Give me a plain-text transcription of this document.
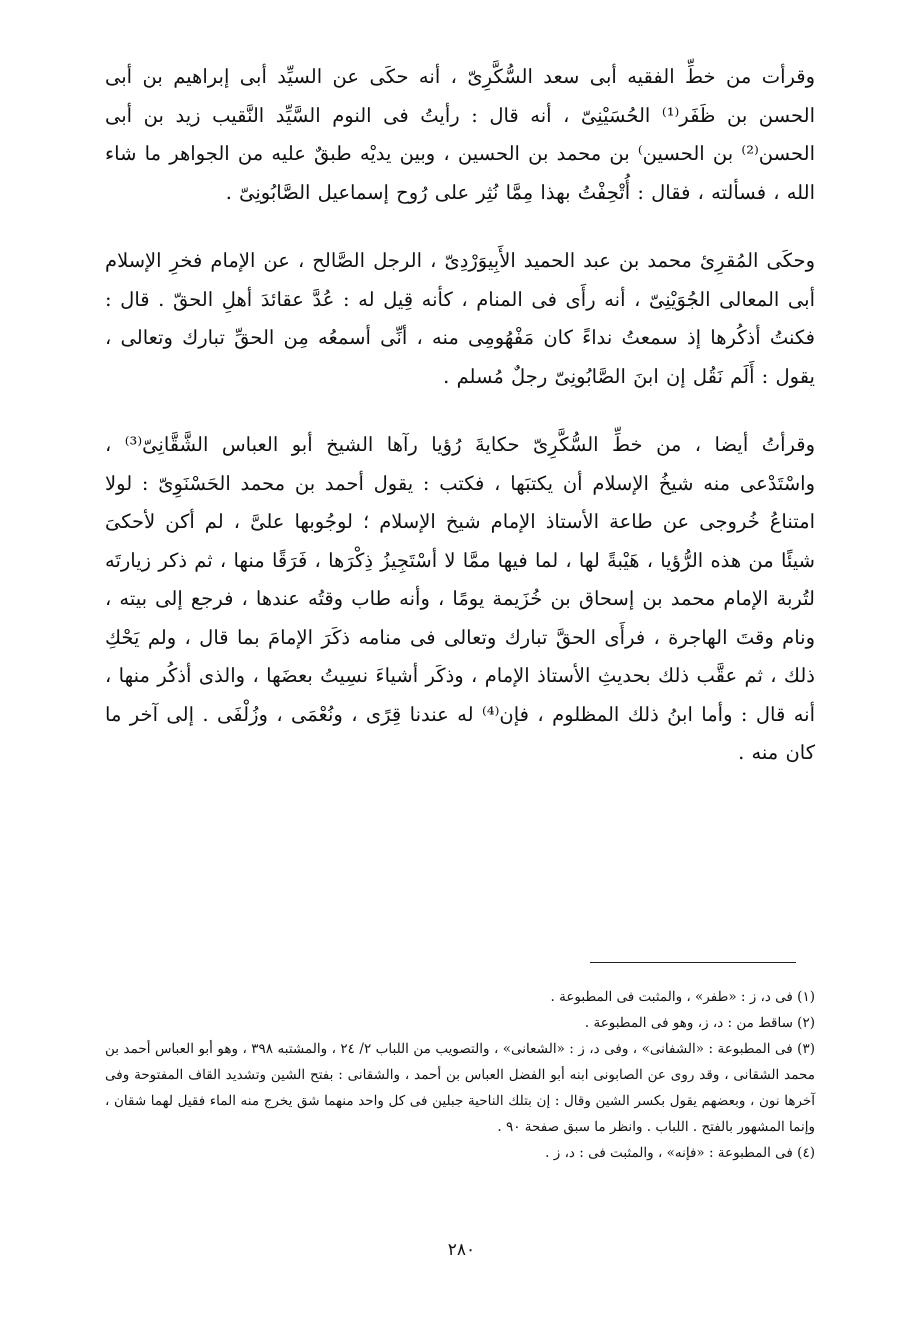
وقرأت من خطِّ الفقيه أبى سعد السُّكَّرِىّ ، أنه حكَى عن السيِّد أبى إبراهيم بن أبى الحسن بن ظَفَر⁽¹⁾ الحُسَيْنِىّ ، أنه قال : رأيتُ فى النوم السَّيِّد النَّقيب زيد بن أبى الحسن⁽²⁾ بن الحسين⁾ بن محمد بن الحسين ، وبين يديْه طبقٌ عليه من الجواهر ما شاء الله ، فسألته ، فقال : أُتْحِفْتُ بهذا مِمَّا نُثِر على رُوح إسماعيل الصَّابُونِىّ .

وحكَى المُقرِئ محمد بن عبد الحميد الأَبِيوَرْدِىّ ، الرجل الصَّالح ، عن الإمام فخرِ الإسلام أبى المعالى الجُوَيْنِىّ ، أنه رأَى فى المنام ، كأنه قِيل له : عُدَّ عقائدَ أهلِ الحقّ . قال : فكنتُ أذكُرها إذ سمعتُ نداءً كان مَفْهُومِى منه ، أنِّى أسمعُه مِن الحقِّ تبارك وتعالى ، يقول : أَلَم نَقُل إن ابنَ الصَّابُونِىّ رجلٌ مُسلم .

وقرأتُ أيضا ، من خطِّ السُّكَّرِىّ حكايةَ رُؤيا رآها الشيخ أبو العباس الشَّقَّانِىّ⁽³⁾ ، واسْتَدْعى منه شيخُ الإسلام أن يكتبَها ، فكتب : يقول أحمد بن محمد الحَسْنَوِىّ : لولا امتناعُ خُروجى عن طاعة الأستاذ الإمام شيخ الإسلام ؛ لوجُوبها علىَّ ، لم أكن لأحكىَ شيئًا من هذه الرُّؤيا ، هَيْبةً لها ، لما فيها ممَّا لا أسْتَجِيزُ ذِكْرَها ، فَرَقًا منها ، ثم ذكر زيارتَه لتُربة الإمام محمد بن إسحاق بن خُزَيمة يومًا ، وأنه طاب وقتُه عندها ، فرجع إلى بيته ، ونام وقتَ الهاجرة ، فرأَى الحقَّ تبارك وتعالى فى منامه ذكَرَ الإمامَ بما قال ، ولم يَحْكِ ذلك ، ثم عقَّب ذلك بحديثِ الأستاذ الإمام ، وذكَر أشياءَ نسِيتُ بعضَها ، والذى أذكُر منها ، أنه قال : وأما ابنُ ذلك المظلوم ، فإن⁽⁴⁾ له عندنا قِرًى ، ونُعْمَى ، وزُلْفَى . إلى آخر ما كان منه .

(١) فى د، ز : «طفر» ، والمثبت فى المطبوعة .
(٢) ساقط من : د، ز، وهو فى المطبوعة .
(٣) فى المطبوعة : «الشفانى» ، وفى د، ز : «الشعانى» ، والتصويب من اللباب ٢/ ٢٤ ، والمشتبه ٣٩٨ ، وهو أبو العباس أحمد بن محمد الشقانى ، وقد روى عن الصابونى ابنه أبو الفضل العباس بن أحمد ، والشقانى : بفتح الشين وتشديد القاف المفتوحة وفى آخرها نون ، وبعضهم يقول بكسر الشين وقال : إن بتلك الناحية جبلين فى كل واحد منهما شق يخرج منه الماء فقيل لهما شقان ، وإنما المشهور بالفتح . اللباب . وانظر ما سبق صفحة ٩٠ .
(٤) فى المطبوعة : «فإنه» ، والمثبت فى : د، ز .
٢٨٠
